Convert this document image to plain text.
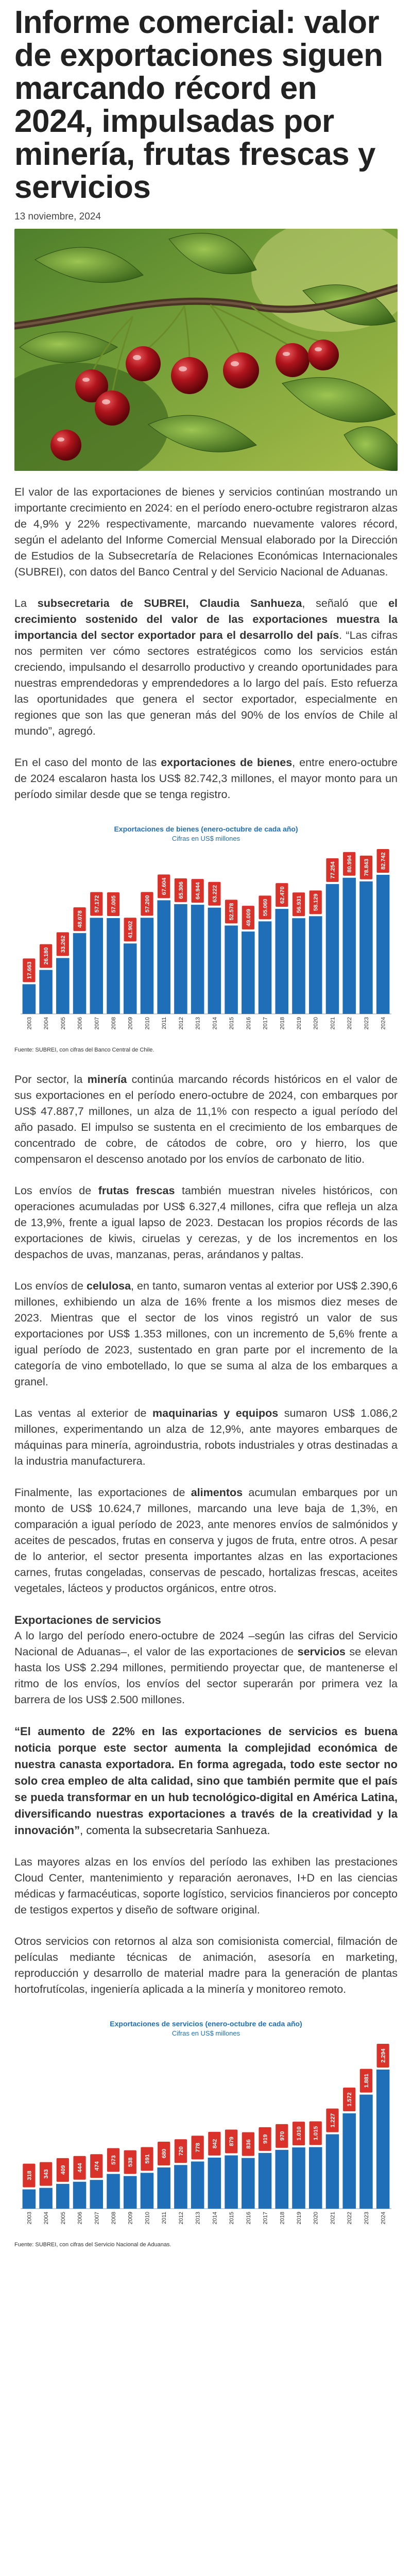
Informe comercial: valor de exportaciones siguen marcando récord en 2024, impulsadas por minería, frutas frescas y servicios
13 noviembre, 2024

El valor de las exportaciones de bienes y servicios continúan mostrando un importante crecimiento en 2024: en el período enero-octubre registraron alzas de 4,9% y 22% respectivamente, marcando nuevamente valores récord, según el adelanto del Informe Comercial Mensual elaborado por la Dirección de Estudios de la Subsecretaría de Relaciones Económicas Internacionales (SUBREI), con datos del Banco Central y del Servicio Nacional de Aduanas.

La subsecretaria de SUBREI, Claudia Sanhueza, señaló que el crecimiento sostenido del valor de las exportaciones muestra la importancia del sector exportador para el desarrollo del país. “Las cifras nos permiten ver cómo sectores estratégicos como los servicios están creciendo, impulsando el desarrollo productivo y creando oportunidades para nuestras emprendedoras y emprendedores a lo largo del país. Esto refuerza las oportunidades que genera el sector exportador, especialmente en regiones que son las que generan más del 90% de los envíos de Chile al mundo”, agregó.

En el caso del monto de las exportaciones de bienes, entre enero-octubre de 2024 escalaron hasta los US$ 82.742,3 millones, el mayor monto para un período similar desde que se tenga registro.

Exportaciones de bienes (enero-octubre de cada año)
Cifras en US$ millones
17.663
2003
26.180
2004
33.262
2005
48.078
2006
57.172
2007
57.005
2008
41.902
2009
57.200
2010
67.604
2011
65.306
2012
64.944
2013
63.222
2014
52.578
2015
49.009
2016
55.060
2017
62.470
2018
56.931
2019
58.129
2020
77.254
2021
80.994
2022
78.843
2023
82.742
2024
Fuente: SUBREI, con cifras del Banco Central de Chile.

Por sector, la minería continúa marcando récords históricos en el valor de sus exportaciones en el período enero-octubre de 2024, con embarques por US$ 47.887,7 millones, un alza de 11,1% con respecto a igual período del año pasado. El impulso se sustenta en el crecimiento de los embarques de concentrado de cobre, de cátodos de cobre, oro y hierro, los que compensaron el descenso anotado por los envíos de carbonato de litio.

Los envíos de frutas frescas también muestran niveles históricos, con operaciones acumuladas por US$ 6.327,4 millones, cifra que refleja un alza de 13,9%, frente a igual lapso de 2023. Destacan los propios récords de las exportaciones de kiwis, ciruelas y cerezas, y de los incrementos en los despachos de uvas, manzanas, peras, arándanos y paltas.

Los envíos de celulosa, en tanto, sumaron ventas al exterior por US$ 2.390,6 millones, exhibiendo un alza de 16% frente a los mismos diez meses de 2023. Mientras que el sector de los vinos registró un valor de sus exportaciones por US$ 1.353 millones, con un incremento de 5,6% frente a igual período de 2023, sustentado en gran parte por el incremento de la categoría de vino embotellado, lo que se suma al alza de los embarques a granel.

Las ventas al exterior de maquinarias y equipos sumaron US$ 1.086,2 millones, experimentando un alza de 12,9%, ante mayores embarques de máquinas para minería, agroindustria, robots industriales y otras destinadas a la industria manufacturera.

Finalmente, las exportaciones de alimentos acumulan embarques por un monto de US$ 10.624,7 millones, marcando una leve baja de 1,3%, en comparación a igual período de 2023, ante menores envíos de salmónidos y aceites de pescados, frutas en conserva y jugos de fruta, entre otros. A pesar de lo anterior, el sector presenta importantes alzas en las exportaciones carnes, frutas congeladas, conservas de pescado, hortalizas frescas, aceites vegetales, lácteos y productos orgánicos, entre otros.

Exportaciones de servicios

A lo largo del período enero-octubre de 2024 –según las cifras del Servicio Nacional de Aduanas–, el valor de las exportaciones de servicios se elevan hasta los US$ 2.294 millones, permitiendo proyectar que, de mantenerse el ritmo de los envíos, los envíos del sector superarán por primera vez la barrera de los US$ 2.500 millones.

“El aumento de 22% en las exportaciones de servicios es buena noticia porque este sector aumenta la complejidad económica de nuestra canasta exportadora. En forma agregada, todo este sector no solo crea empleo de alta calidad, sino que también permite que el país se pueda transformar en un hub tecnológico-digital en América Latina, diversificando nuestras exportaciones a través de la creatividad y la innovación”, comenta la subsecretaria Sanhueza.

Las mayores alzas en los envíos del período las exhiben las prestaciones Cloud Center, mantenimiento y reparación aeronaves, I+D en las ciencias médicas y farmacéuticas, soporte logístico, servicios financieros por concepto de testigos expertos y diseño de software original.

Otros servicios con retornos al alza son comisionista comercial, filmación de películas mediante técnicas de animación, asesoría en marketing, reproducción y desarrollo de material madre para la generación de plantas hortofrutícolas, ingeniería aplicada a la minería y monitoreo remoto.

Exportaciones de servicios (enero-octubre de cada año)
Cifras en US$ millones
318
2003
343
2004
409
2005
444
2006
474
2007
573
2008
538
2009
591
2010
680
2011
720
2012
778
2013
842
2014
879
2015
836
2016
919
2017
970
2018
1.010
2019
1.015
2020
1.227
2021
1.572
2022
1.881
2023
2.294
2024
Fuente: SUBREI, con cifras del Servicio Nacional de Aduanas.
